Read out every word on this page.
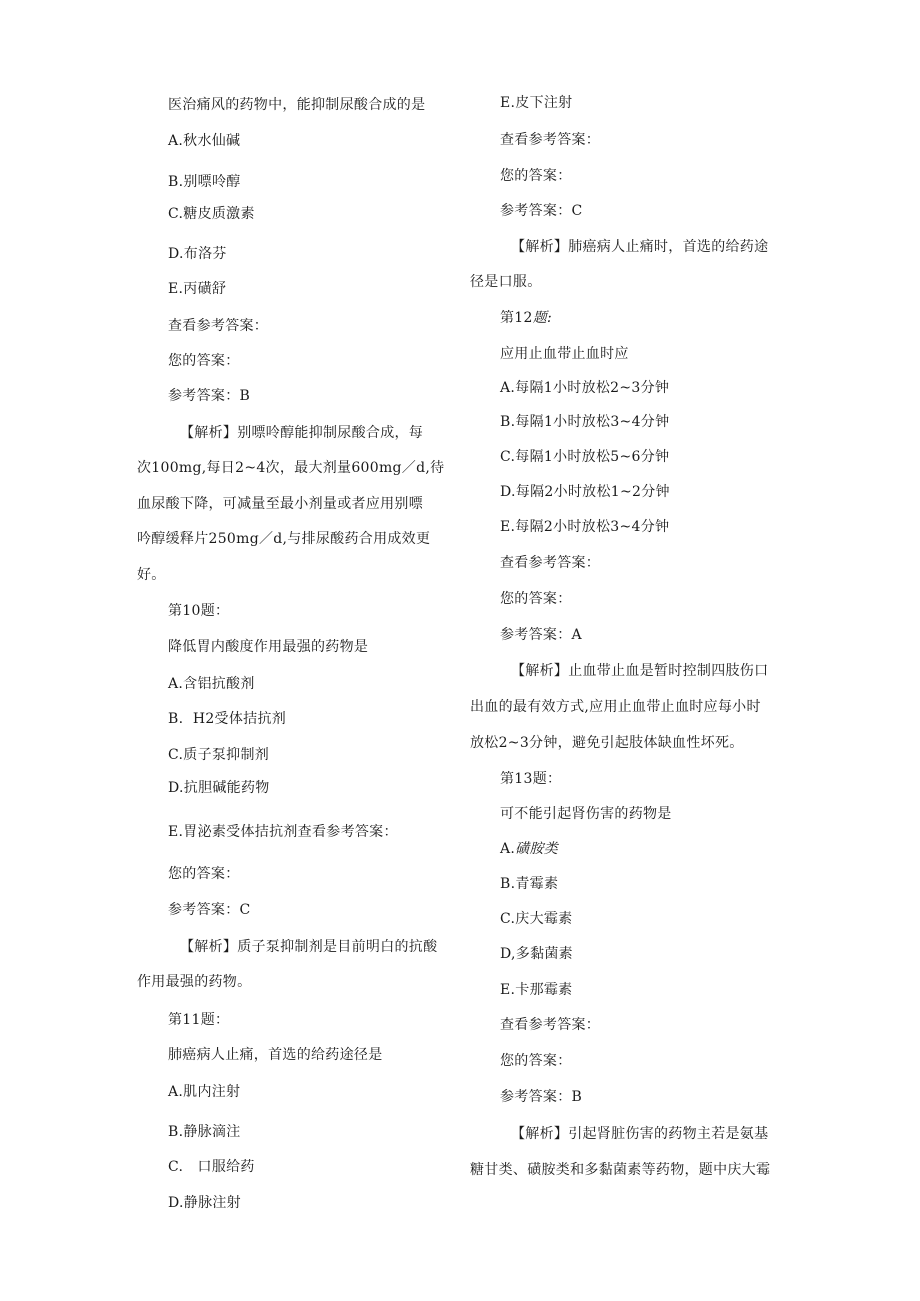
医治痛风的药物中，能抑制尿酸合成的是
A.秋水仙碱
B.别嘌呤醇
C.糖皮质激素
D.布洛芬
E.丙磺舒
查看参考答案：
您的答案：
参考答案：B
【解析】别嘌呤醇能抑制尿酸合成，每
次100mg,每日2~4次，最大剂量600mg／d,待
血尿酸下降，可减量至最小剂量或者应用别嘌
吟醇缓释片250mg／d,与排尿酸药合用成效更
好。
第10题：
降低胃内酸度作用最强的药物是
A.含铝抗酸剂
B.  H2受体拮抗剂
C.质子泵抑制剂
D.抗胆碱能药物
E.胃泌素受体拮抗剂查看参考答案：
您的答案：
参考答案：C
【解析】质子泵抑制剂是目前明白的抗酸
作用最强的药物。
第11题：
肺癌病人止痛，首选的给药途径是
A.肌内注射
B.静脉滴注
C.   口服给药
D.静脉注射
E.皮下注射
查看参考答案：
您的答案：
参考答案：C
【解析】肺癌病人止痛时，首选的给药途
径是口服。
第12题:
应用止血带止血时应
A.每隔1小时放松2~3分钟
B.每隔1小时放松3~4分钟
C.每隔1小时放松5~6分钟
D.每隔2小时放松1~2分钟
E.每隔2小时放松3~4分钟
查看参考答案：
您的答案：
参考答案：A
【解析】止血带止血是暂时控制四肢伤口
出血的最有效方式,应用止血带止血时应每小时
放松2~3分钟，避免引起肢体缺血性坏死。
第13题：
可不能引起肾伤害的药物是
A.磺胺类
B.青霉素
C.庆大霉素
D,多黏菌素
E.卡那霉素
查看参考答案：
您的答案：
参考答案：B
【解析】引起肾脏伤害的药物主若是氨基
糖甘类、磺胺类和多黏菌素等药物，题中庆大霉
